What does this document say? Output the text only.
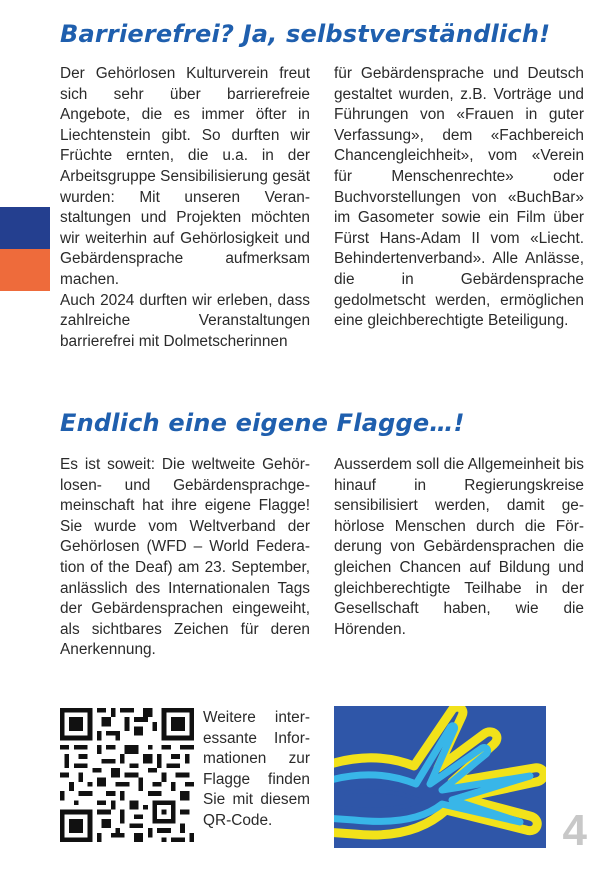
Barrierefrei? Ja, selbstverständlich!

Der Gehörlosen Kulturverein freut sich sehr über barrierefreie Angebote, die es immer öfter in Liechtenstein gibt. So durften wir Früchte ernten, die u.a. in der Arbeitsgruppe Sensibilisierung gesät wurden: Mit unseren Veranstaltungen und Projekten möchten wir weiterhin auf Gehörlosigkeit und Gebärdensprache aufmerksam machen.

Auch 2024 durften wir erleben, dass zahlreiche Veranstaltungen barrierefrei mit Dolmetscherinnen

für Gebärdensprache und Deutsch gestaltet wurden, z.B. Vorträge und Führungen von «Frauen in guter Verfassung», dem «Fachbereich Chancengleichheit», vom «Verein für Menschenrechte» oder Buchvorstellungen von «BuchBar» im Gasometer sowie ein Film über Fürst Hans-Adam II vom «Liecht. Behindertenverband». Alle Anlässe, die in Gebärdensprache gedolmetscht werden, ermöglichen eine gleichberechtigte Beteiligung.

Endlich eine eigene Flagge…!

Es ist soweit: Die weltweite Gehörlosen- und Gebärdensprachgemeinschaft hat ihre eigene Flagge! Sie wurde vom Weltverband der Gehörlosen (WFD – World Federation of the Deaf) am 23. September, anlässlich des Internationalen Tags der Gebärdensprachen eingeweiht, als sichtbares Zeichen für deren Anerkennung.

Ausserdem soll die Allgemeinheit bis hinauf in Regierungskreise sensibilisiert werden, damit gehörlose Menschen durch die Förderung von Gebärdensprachen die gleichen Chancen auf Bildung und gleichberechtigte Teilhabe in der Gesellschaft haben, wie die Hörenden.

Weitere interessante Informationen zur Flagge finden Sie mit diesem QR-Code.	4
